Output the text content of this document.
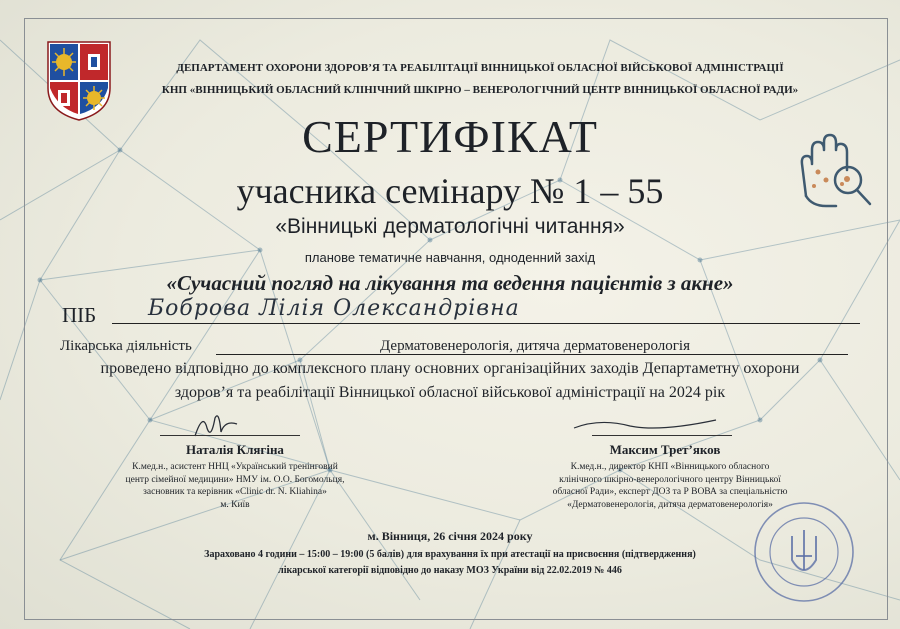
ДЕПАРТАМЕНТ ОХОРОНИ ЗДОРОВ’Я ТА РЕАБІЛІТАЦІЇ ВІННИЦЬКОЇ ОБЛАСНОЇ ВІЙСЬКОВОЇ АДМІНІСТРАЦІЇ
КНП «ВІННИЦЬКИЙ ОБЛАСНИЙ КЛІНІЧНИЙ ШКІРНО – ВЕНЕРОЛОГІЧНИЙ ЦЕНТР ВІННИЦЬКОЇ ОБЛАСНОЇ РАДИ»
СЕРТИФІКАТ
учасника семінару № 1 – 55
«Вінницькі дерматологічні читання»
планове тематичне навчання, одноденний захід
«Сучасний погляд на лікування та ведення пацієнтів з акне»
ПІБ Боброва Лілія Олександрівна
Лікарська діяльність	Дерматовенерологія, дитяча дерматовенерологія
проведено відповідно до комплексного плану основних організаційних заходів Департаметну охорони
здоров’я та реабілітації Вінницької обласної військової адміністрації на 2024 рік
Наталія Клягіна
К.мед.н., асистент ННЦ «Український тренінговий
центр сімейної медицини» НМУ ім. О.О. Богомольця,
засновник та керівник «Clinic dr. N. Kliahina»
м. Київ
Максим Трет’яков
К.мед.н., директор КНП «Вінницького обласного
клінічного шкірно-венерологічного центру Вінницької
обласної Ради», експерт ДОЗ та Р ВОВА за спеціальністю
«Дерматовенерологія, дитяча дерматовенерологія»
м. Вінниця, 26 січня 2024 року
Зараховано 4 години – 15:00 – 19:00 (5 балів) для врахування їх при атестації на присвоєння (підтвердження)
лікарської категорії відповідно до наказу МОЗ України від 22.02.2019 № 446
